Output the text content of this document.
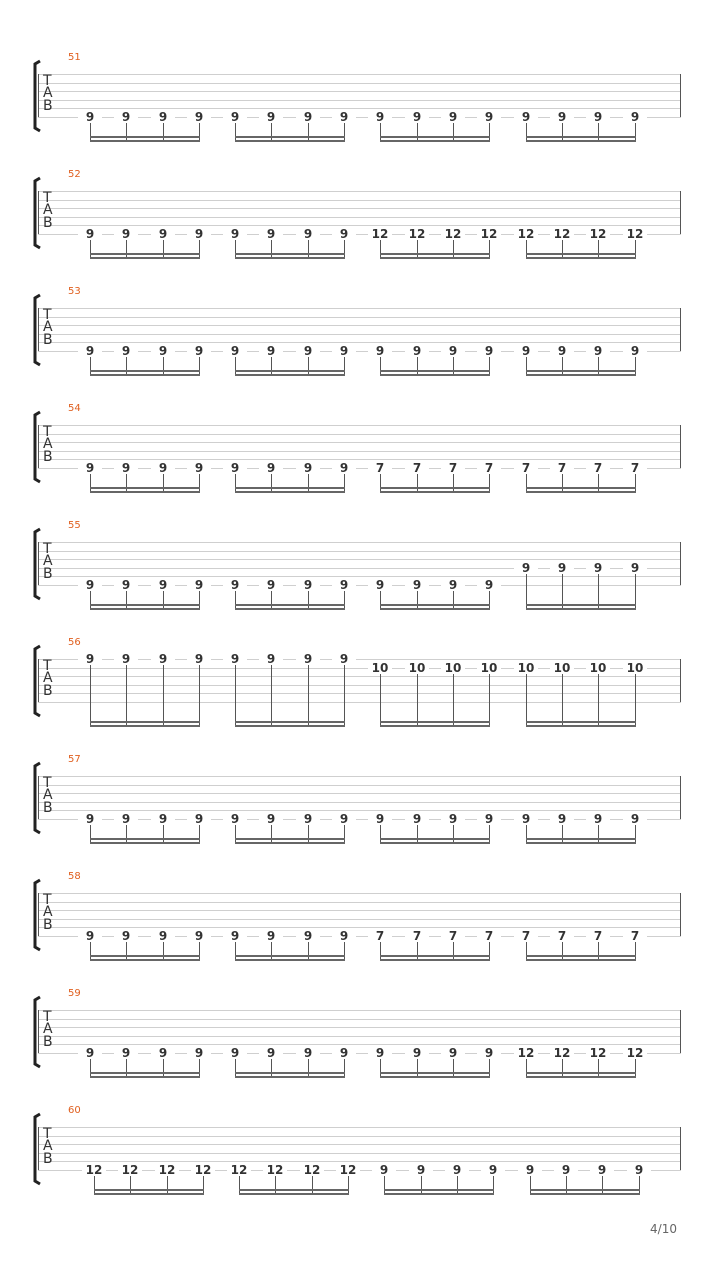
51
T
A
B
9	9	9	9	9	9	9	9	9	9	9	9	9	9	9	9
52
T
A
B
9	9	9	9	9	9	9	9	12	12	12	12	12	12	12	12
53
T
A
B
9	9	9	9	9	9	9	9	9	9	9	9	9	9	9	9
54
T
A
B
9	9	9	9	9	9	9	9	7	7	7	7	7	7	7	7
55
T
A
B
9	9	9	9	9	9	9	9	9	9	9	9
9	9	9	9
56
T
A
B
9	9	9	9	9	9	9	9
10	10	10	10	10	10	10	10
57
T
A
B
9	9	9	9	9	9	9	9	9	9	9	9	9	9	9	9
58
T
A
B
9	9	9	9	9	9	9	9	7	7	7	7	7	7	7	7
59
T
A
B
9	9	9	9	9	9	9	9	9	9	9	9	12	12	12	12
60
T
A
B
12	12	12	12	12	12	12	12	9	9	9	9	9	9	9	9
4/10
